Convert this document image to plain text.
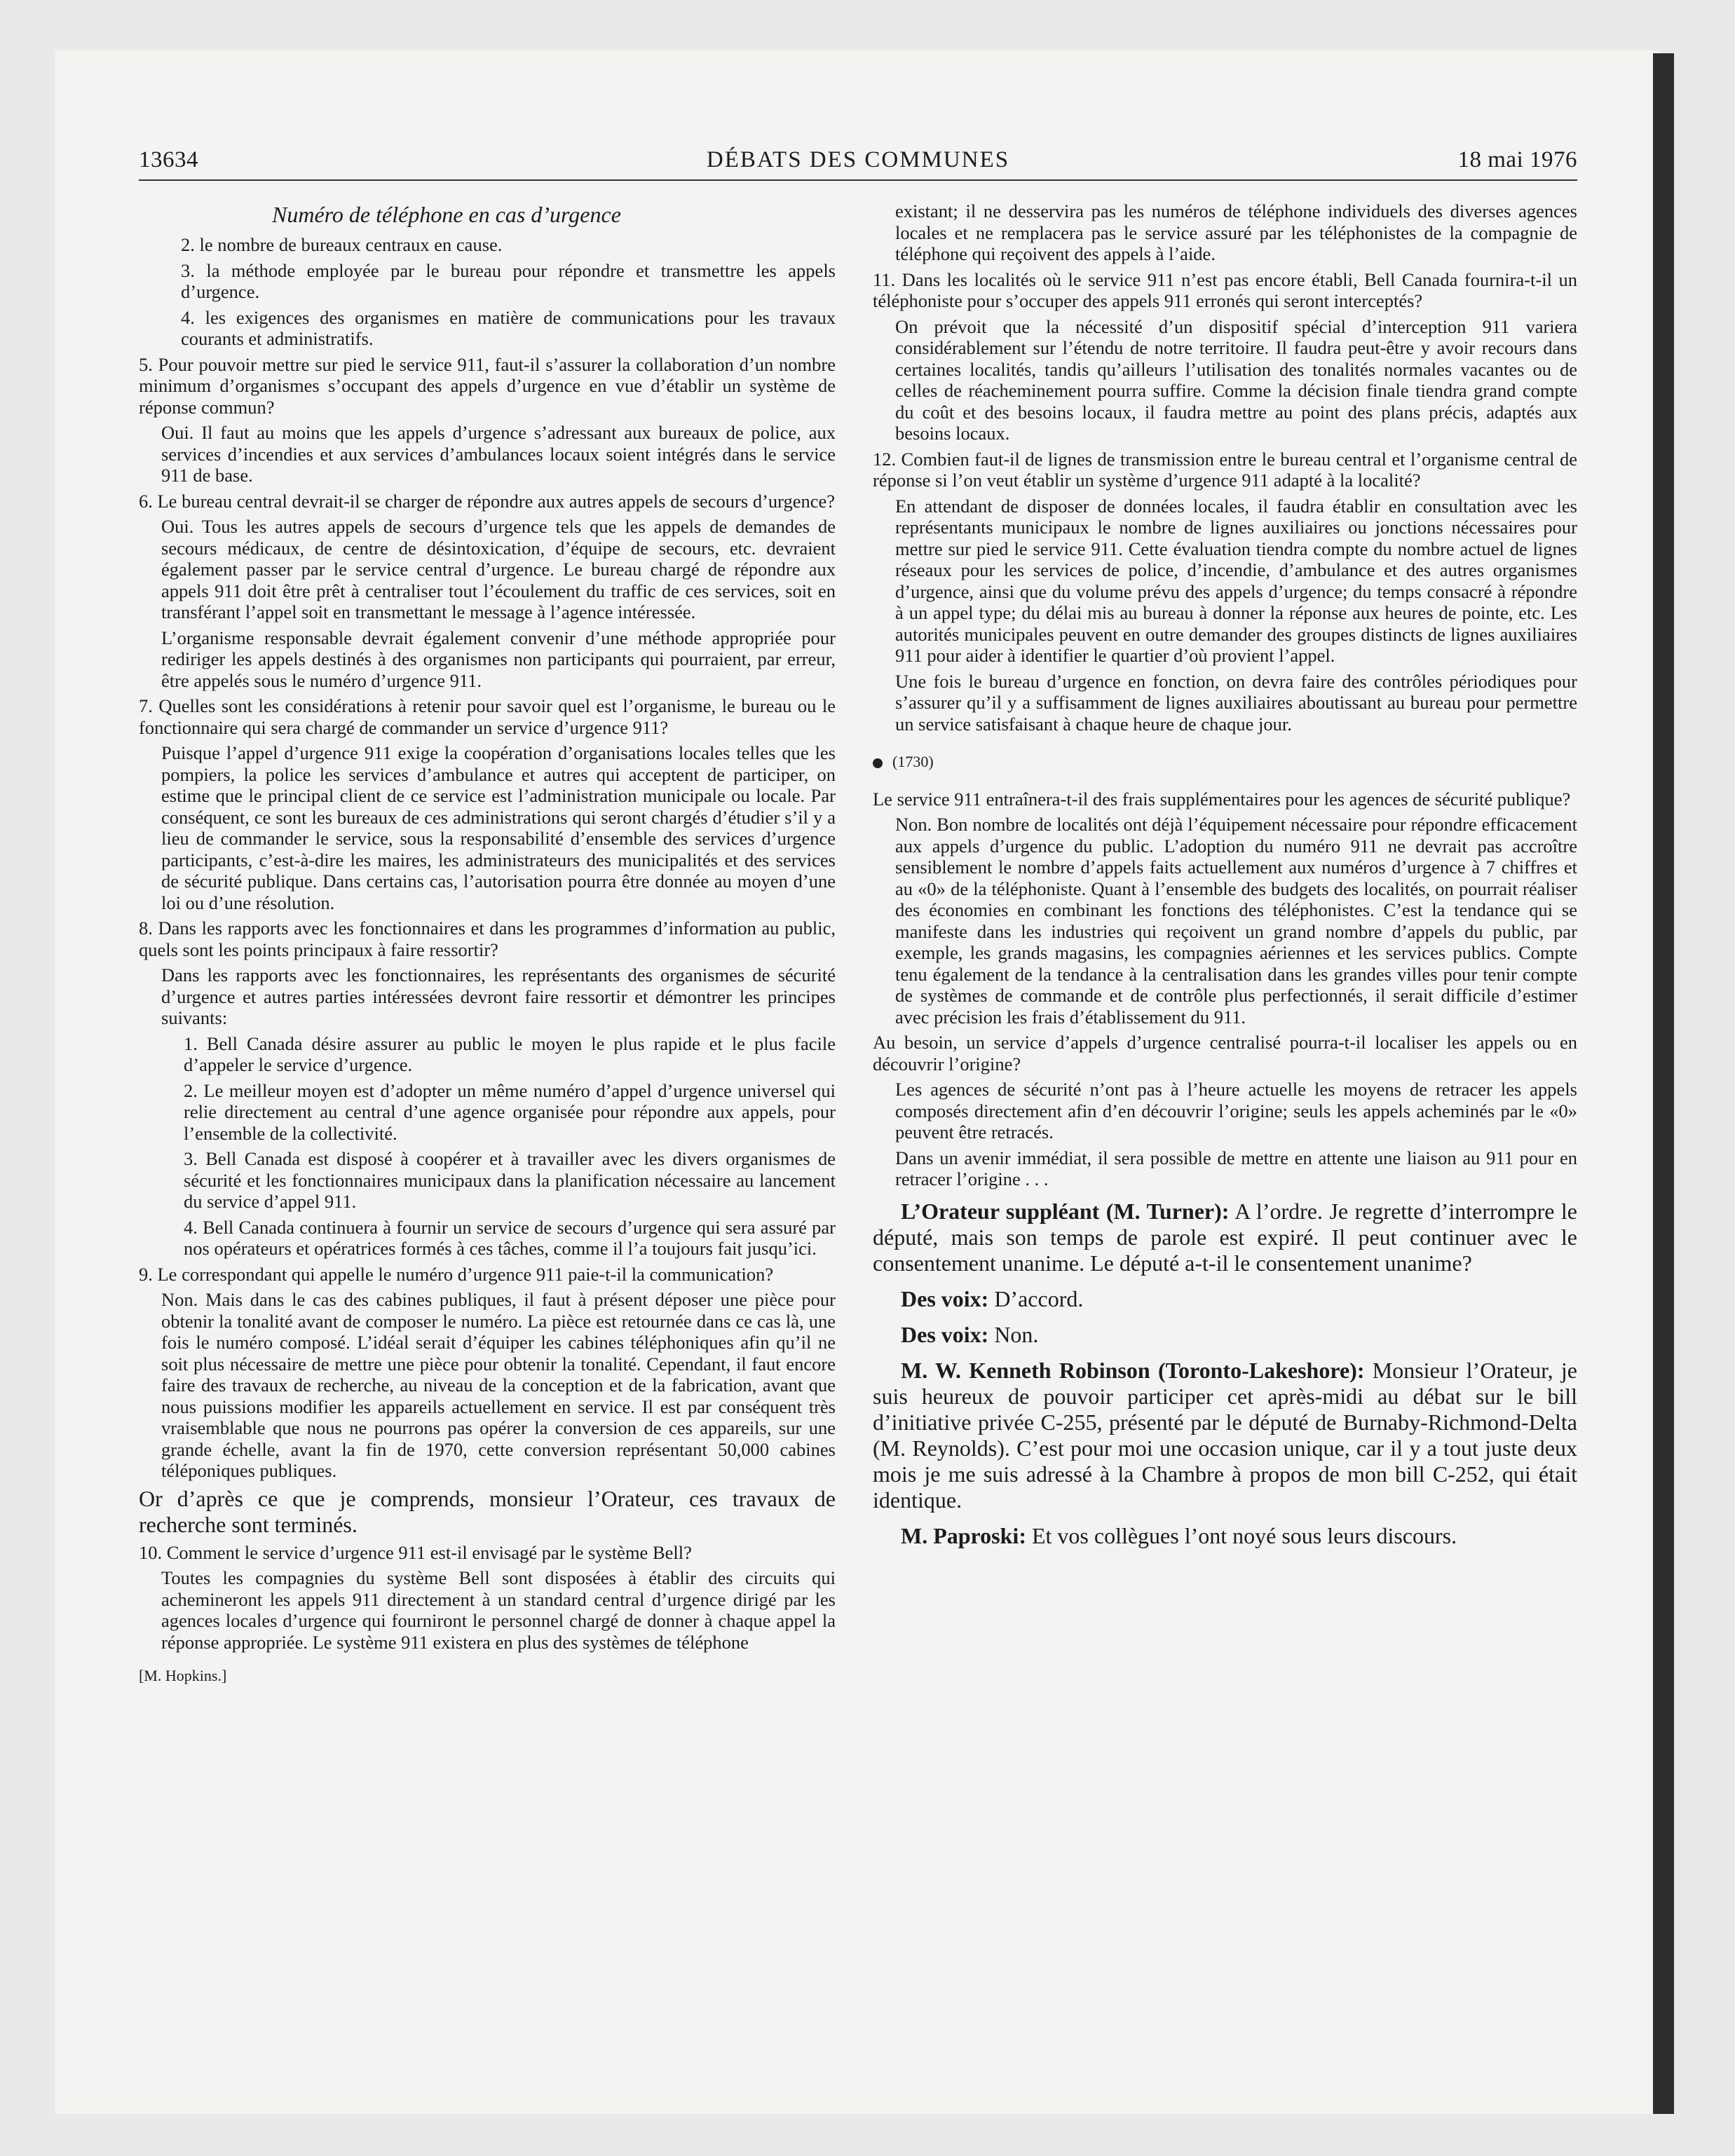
13634	DÉBATS DES COMMUNES	18 mai 1976
Numéro de téléphone en cas d’urgence

2. le nombre de bureaux centraux en cause.

3. la méthode employée par le bureau pour répondre et transmettre les appels d’urgence.

4. les exigences des organismes en matière de communications pour les travaux courants et administratifs.

5. Pour pouvoir mettre sur pied le service 911, faut-il s’assurer la collaboration d’un nombre minimum d’organismes s’occupant des appels d’urgence en vue d’établir un système de réponse commun?

Oui. Il faut au moins que les appels d’urgence s’adressant aux bureaux de police, aux services d’incendies et aux services d’ambulances locaux soient intégrés dans le service 911 de base.

6. Le bureau central devrait-il se charger de répondre aux autres appels de secours d’urgence?

Oui. Tous les autres appels de secours d’urgence tels que les appels de demandes de secours médicaux, de centre de désintoxication, d’équipe de secours, etc. devraient également passer par le service central d’urgence. Le bureau chargé de répondre aux appels 911 doit être prêt à centraliser tout l’écoulement du traffic de ces services, soit en transférant l’appel soit en transmettant le message à l’agence intéressée.

L’organisme responsable devrait également convenir d’une méthode appropriée pour rediriger les appels destinés à des organismes non participants qui pourraient, par erreur, être appelés sous le numéro d’urgence 911.

7. Quelles sont les considérations à retenir pour savoir quel est l’organisme, le bureau ou le fonctionnaire qui sera chargé de commander un service d’urgence 911?

Puisque l’appel d’urgence 911 exige la coopération d’organisations locales telles que les pompiers, la police les services d’ambulance et autres qui acceptent de participer, on estime que le principal client de ce service est l’administration municipale ou locale. Par conséquent, ce sont les bureaux de ces administrations qui seront chargés d’étudier s’il y a lieu de commander le service, sous la responsabilité d’ensemble des services d’urgence participants, c’est-à-dire les maires, les administrateurs des municipalités et des services de sécurité publique. Dans certains cas, l’autorisation pourra être donnée au moyen d’une loi ou d’une résolution.

8. Dans les rapports avec les fonctionnaires et dans les programmes d’information au public, quels sont les points principaux à faire ressortir?

Dans les rapports avec les fonctionnaires, les représentants des organismes de sécurité d’urgence et autres parties intéressées devront faire ressortir et démontrer les principes suivants:

1. Bell Canada désire assurer au public le moyen le plus rapide et le plus facile d’appeler le service d’urgence.

2. Le meilleur moyen est d’adopter un même numéro d’appel d’urgence universel qui relie directement au central d’une agence organisée pour répondre aux appels, pour l’ensemble de la collectivité.

3. Bell Canada est disposé à coopérer et à travailler avec les divers organismes de sécurité et les fonctionnaires municipaux dans la planification nécessaire au lancement du service d’appel 911.

4. Bell Canada continuera à fournir un service de secours d’urgence qui sera assuré par nos opérateurs et opératrices formés à ces tâches, comme il l’a toujours fait jusqu’ici.

9. Le correspondant qui appelle le numéro d’urgence 911 paie-t-il la communication?

Non. Mais dans le cas des cabines publiques, il faut à présent déposer une pièce pour obtenir la tonalité avant de composer le numéro. La pièce est retournée dans ce cas là, une fois le numéro composé. L’idéal serait d’équiper les cabines téléphoniques afin qu’il ne soit plus nécessaire de mettre une pièce pour obtenir la tonalité. Cependant, il faut encore faire des travaux de recherche, au niveau de la conception et de la fabrication, avant que nous puissions modifier les appareils actuellement en service. Il est par conséquent très vraisemblable que nous ne pourrons pas opérer la conversion de ces appareils, sur une grande échelle, avant la fin de 1970, cette conversion représentant 50,000 cabines téléponiques publiques.

Or d’après ce que je comprends, monsieur l’Orateur, ces travaux de recherche sont terminés.

10. Comment le service d’urgence 911 est-il envisagé par le système Bell?

Toutes les compagnies du système Bell sont disposées à établir des circuits qui achemineront les appels 911 directement à un standard central d’urgence dirigé par les agences locales d’urgence qui fourniront le personnel chargé de donner à chaque appel la réponse appropriée. Le système 911 existera en plus des systèmes de téléphone

[M. Hopkins.]

existant; il ne desservira pas les numéros de téléphone individuels des diverses agences locales et ne remplacera pas le service assuré par les téléphonistes de la compagnie de téléphone qui reçoivent des appels à l’aide.

11. Dans les localités où le service 911 n’est pas encore établi, Bell Canada fournira-t-il un téléphoniste pour s’occuper des appels 911 erronés qui seront interceptés?

On prévoit que la nécessité d’un dispositif spécial d’interception 911 variera considérablement sur l’étendu de notre territoire. Il faudra peut-être y avoir recours dans certaines localités, tandis qu’ailleurs l’utilisation des tonalités normales vacantes ou de celles de réacheminement pourra suffire. Comme la décision finale tiendra grand compte du coût et des besoins locaux, il faudra mettre au point des plans précis, adaptés aux besoins locaux.

12. Combien faut-il de lignes de transmission entre le bureau central et l’organisme central de réponse si l’on veut établir un système d’urgence 911 adapté à la localité?

En attendant de disposer de données locales, il faudra établir en consultation avec les représentants municipaux le nombre de lignes auxiliaires ou jonctions nécessaires pour mettre sur pied le service 911. Cette évaluation tiendra compte du nombre actuel de lignes réseaux pour les services de police, d’incendie, d’ambulance et des autres organismes d’urgence, ainsi que du volume prévu des appels d’urgence; du temps consacré à répondre à un appel type; du délai mis au bureau à donner la réponse aux heures de pointe, etc. Les autorités municipales peuvent en outre demander des groupes distincts de lignes auxiliaires 911 pour aider à identifier le quartier d’où provient l’appel.

Une fois le bureau d’urgence en fonction, on devra faire des contrôles périodiques pour s’assurer qu’il y a suffisamment de lignes auxiliaires aboutissant au bureau pour permettre un service satisfaisant à chaque heure de chaque jour.

(1730)

Le service 911 entraînera-t-il des frais supplémentaires pour les agences de sécurité publique?

Non. Bon nombre de localités ont déjà l’équipement nécessaire pour répondre efficacement aux appels d’urgence du public. L’adoption du numéro 911 ne devrait pas accroître sensiblement le nombre d’appels faits actuellement aux numéros d’urgence à 7 chiffres et au «0» de la téléphoniste. Quant à l’ensemble des budgets des localités, on pourrait réaliser des économies en combinant les fonctions des téléphonistes. C’est la tendance qui se manifeste dans les industries qui reçoivent un grand nombre d’appels du public, par exemple, les grands magasins, les compagnies aériennes et les services publics. Compte tenu également de la tendance à la centralisation dans les grandes villes pour tenir compte de systèmes de commande et de contrôle plus perfectionnés, il serait difficile d’estimer avec précision les frais d’établissement du 911.

Au besoin, un service d’appels d’urgence centralisé pourra-t-il localiser les appels ou en découvrir l’origine?

Les agences de sécurité n’ont pas à l’heure actuelle les moyens de retracer les appels composés directement afin d’en découvrir l’origine; seuls les appels acheminés par le «0» peuvent être retracés.

Dans un avenir immédiat, il sera possible de mettre en attente une liaison au 911 pour en retracer l’origine . . .

L’Orateur suppléant (M. Turner): A l’ordre. Je regrette d’interrompre le député, mais son temps de parole est expiré. Il peut continuer avec le consentement unanime. Le député a-t-il le consentement unanime?

Des voix: D’accord.

Des voix: Non.

M. W. Kenneth Robinson (Toronto-Lakeshore): Monsieur l’Orateur, je suis heureux de pouvoir participer cet après-midi au débat sur le bill d’initiative privée C-255, présenté par le député de Burnaby-Richmond-Delta (M. Reynolds). C’est pour moi une occasion unique, car il y a tout juste deux mois je me suis adressé à la Chambre à propos de mon bill C-252, qui était identique.

M. Paproski: Et vos collègues l’ont noyé sous leurs discours.
